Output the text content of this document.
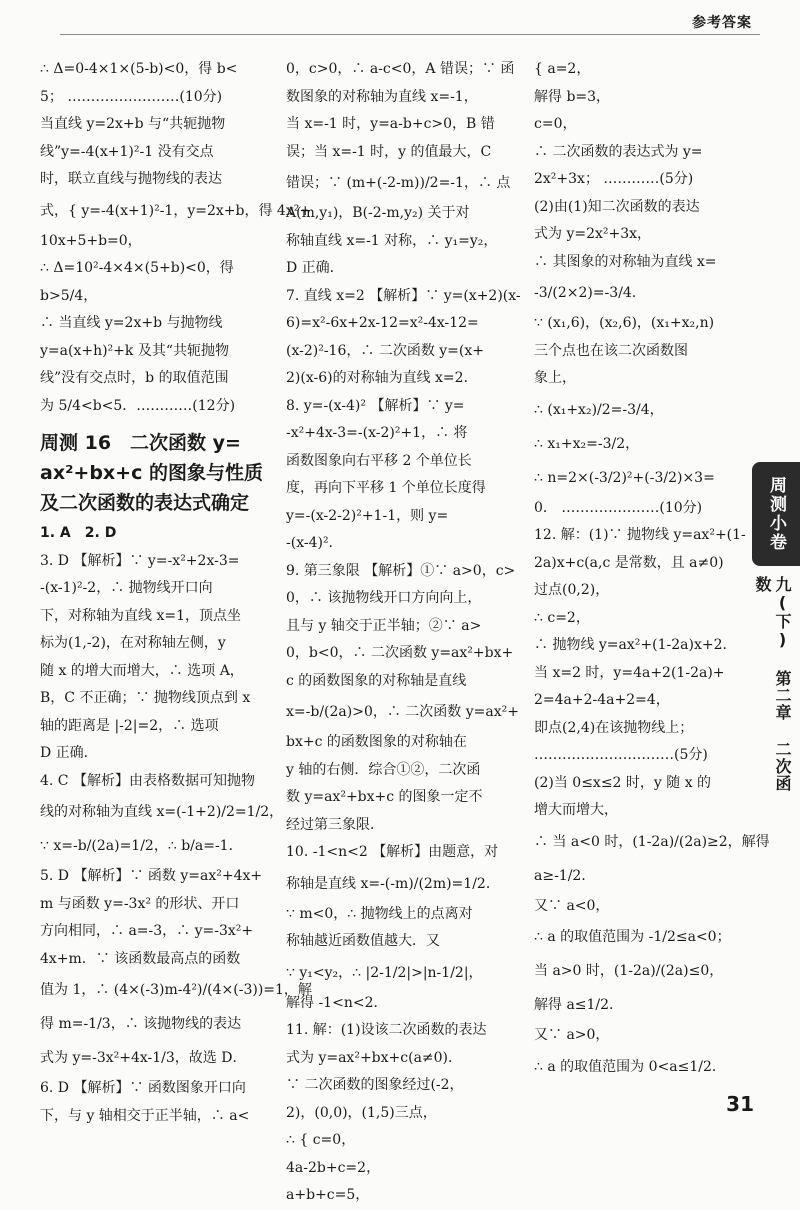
参考答案
∴ Δ=0-4×1×(5-b)<0，得 b<
5； ……………………(10分)
当直线 y=2x+b 与“共轭抛物
线”y=-4(x+1)²-1 没有交点
时，联立直线与抛物线的表达
式，{ y=-4(x+1)²-1，y=2x+b，得 4x²+
10x+5+b=0，
∴ Δ=10²-4×4×(5+b)<0，得
b>5/4，
∴ 当直线 y=2x+b 与抛物线
y=a(x+h)²+k 及其“共轭抛物
线”没有交点时，b 的取值范围
为 5/4<b<5．…………(12分)
周测 16　二次函数 y=
ax²+bx+c 的图象与性质
及二次函数的表达式确定
1. A　2. D
3. D 【解析】∵ y=-x²+2x-3=
-(x-1)²-2，∴ 抛物线开口向
下，对称轴为直线 x=1，顶点坐
标为(1,-2)，在对称轴左侧，y
随 x 的增大而增大，∴ 选项 A，
B，C 不正确；∵ 抛物线顶点到 x
轴的距离是 |-2|=2，∴ 选项
D 正确．
4. C 【解析】由表格数据可知抛物
线的对称轴为直线 x=(-1+2)/2=1/2，
∵ x=-b/(2a)=1/2，∴ b/a=-1．
5. D 【解析】∵ 函数 y=ax²+4x+
m 与函数 y=-3x² 的形状、开口
方向相同，∴ a=-3，∴ y=-3x²+
4x+m．∵ 该函数最高点的函数
值为 1，∴ (4×(-3)m-4²)/(4×(-3))=1，解
得 m=-1/3，∴ 该抛物线的表达
式为 y=-3x²+4x-1/3，故选 D．
6. D 【解析】∵ 函数图象开口向
下，与 y 轴相交于正半轴，∴ a<
0，c>0，∴ a-c<0，A 错误；∵ 函
数图象的对称轴为直线 x=-1，
当 x=-1 时，y=a-b+c>0，B 错
误；当 x=-1 时，y 的值最大，C
错误；∵ (m+(-2-m))/2=-1，∴ 点
A(m,y₁)，B(-2-m,y₂) 关于对
称轴直线 x=-1 对称，∴ y₁=y₂，
D 正确．
7. 直线 x=2 【解析】∵ y=(x+2)(x-
6)=x²-6x+2x-12=x²-4x-12=
(x-2)²-16，∴ 二次函数 y=(x+
2)(x-6)的对称轴为直线 x=2．
8. y=-(x-4)² 【解析】∵ y=
-x²+4x-3=-(x-2)²+1，∴ 将
函数图象向右平移 2 个单位长
度，再向下平移 1 个单位长度得
y=-(x-2-2)²+1-1，则 y=
-(x-4)²．
9. 第三象限 【解析】①∵ a>0，c>
0，∴ 该抛物线开口方向向上，
且与 y 轴交于正半轴；②∵ a>
0，b<0，∴ 二次函数 y=ax²+bx+
c 的函数图象的对称轴是直线
x=-b/(2a)>0，∴ 二次函数 y=ax²+
bx+c 的函数图象的对称轴在
y 轴的右侧．综合①②，二次函
数 y=ax²+bx+c 的图象一定不
经过第三象限．
10. -1<n<2 【解析】由题意，对
称轴是直线 x=-(-m)/(2m)=1/2．
∵ m<0，∴ 抛物线上的点离对
称轴越近函数值越大．又
∵ y₁<y₂，∴ |2-1/2|>|n-1/2|，
解得 -1<n<2．
11. 解：(1)设该二次函数的表达
式为 y=ax²+bx+c(a≠0)．
∵ 二次函数的图象经过(-2，
2)，(0,0)，(1,5)三点，
∴ { c=0，
4a-2b+c=2，
a+b+c=5，
{ a=2，
解得 b=3，
c=0，
∴ 二次函数的表达式为 y=
2x²+3x； …………(5分)
(2)由(1)知二次函数的表达
式为 y=2x²+3x，
∴ 其图象的对称轴为直线 x=
-3/(2×2)=-3/4．
∵ (x₁,6)，(x₂,6)，(x₁+x₂,n)
三个点也在该二次函数图
象上，
∴ (x₁+x₂)/2=-3/4，
∴ x₁+x₂=-3/2，
∴ n=2×(-3/2)²+(-3/2)×3=
0． …………………(10分)
12. 解：(1)∵ 抛物线 y=ax²+(1-
2a)x+c(a,c 是常数，且 a≠0)
过点(0,2)，
∴ c=2，
∴ 抛物线 y=ax²+(1-2a)x+2．
当 x=2 时，y=4a+2(1-2a)+
2=4a+2-4a+2=4，
即点(2,4)在该抛物线上；
…………………………(5分)
(2)当 0≤x≤2 时，y 随 x 的
增大而增大，
∴ 当 a<0 时，(1-2a)/(2a)≥2，解得
a≥-1/2．
又∵ a<0，
∴ a 的取值范围为 -1/2≤a<0；
当 a>0 时，(1-2a)/(2a)≤0，
解得 a≤1/2．
又∵ a>0，
∴ a 的取值范围为 0<a≤1/2．
周测小卷
九(下) 第二章 二次函数
31
